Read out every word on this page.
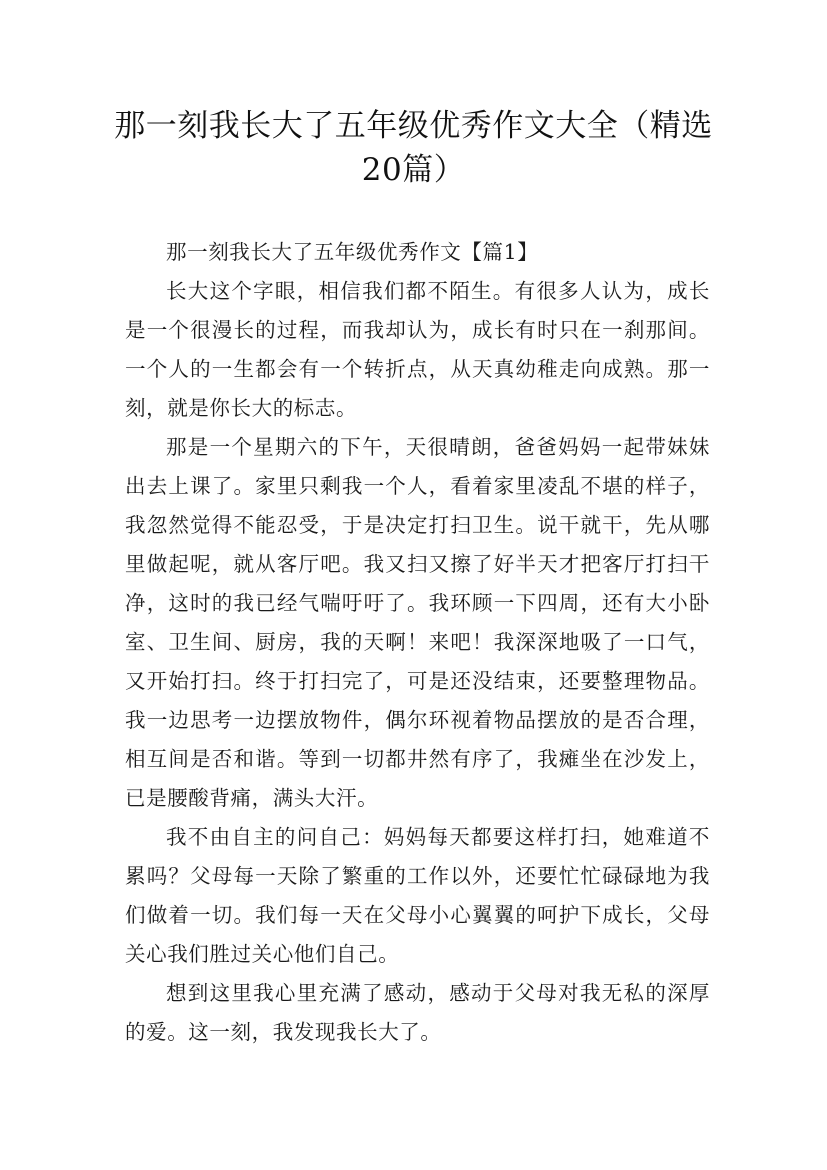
那一刻我长大了五年级优秀作文大全（精选20篇）

那一刻我长大了五年级优秀作文【篇1】

长大这个字眼，相信我们都不陌生。有很多人认为，成长是一个很漫长的过程，而我却认为，成长有时只在一刹那间。一个人的一生都会有一个转折点，从天真幼稚走向成熟。那一刻，就是你长大的标志。

那是一个星期六的下午，天很晴朗，爸爸妈妈一起带妹妹出去上课了。家里只剩我一个人，看着家里凌乱不堪的样子，我忽然觉得不能忍受，于是决定打扫卫生。说干就干，先从哪里做起呢，就从客厅吧。我又扫又擦了好半天才把客厅打扫干净，这时的我已经气喘吁吁了。我环顾一下四周，还有大小卧室、卫生间、厨房，我的天啊！来吧！我深深地吸了一口气，又开始打扫。终于打扫完了，可是还没结束，还要整理物品。我一边思考一边摆放物件，偶尔环视着物品摆放的是否合理，相互间是否和谐。等到一切都井然有序了，我瘫坐在沙发上，已是腰酸背痛，满头大汗。

我不由自主的问自己：妈妈每天都要这样打扫，她难道不累吗？父母每一天除了繁重的工作以外，还要忙忙碌碌地为我们做着一切。我们每一天在父母小心翼翼的呵护下成长，父母关心我们胜过关心他们自己。

想到这里我心里充满了感动，感动于父母对我无私的深厚的爱。这一刻，我发现我长大了。
